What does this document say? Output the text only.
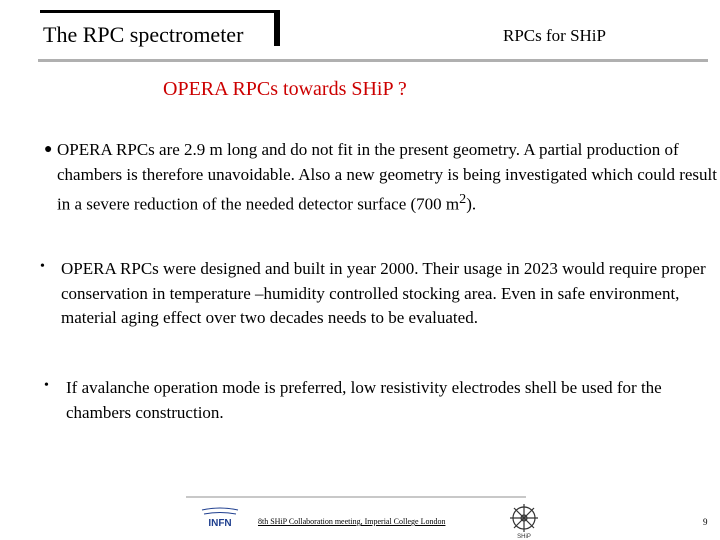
The RPC spectrometer	RPCs for SHiP
OPERA RPCs towards SHiP ?
● OPERA RPCs are 2.9 m long and do not fit in the present geometry. A partial production of chambers is therefore unavoidable. Also a new geometry is being investigated which could result in a severe reduction of the needed detector surface (700 $m^2$).

• OPERA RPCs were designed and built in year 2000. Their usage in 2023 would require proper conservation in temperature –humidity controlled stocking area. Even in safe environment, material aging effect over two decades needs to be evaluated.

• If avalanche operation mode is preferred, low resistivity electrodes shell be used for the chambers construction.

INFN	8th SHiP Collaboration meeting, Imperial College London
SHiP
9
